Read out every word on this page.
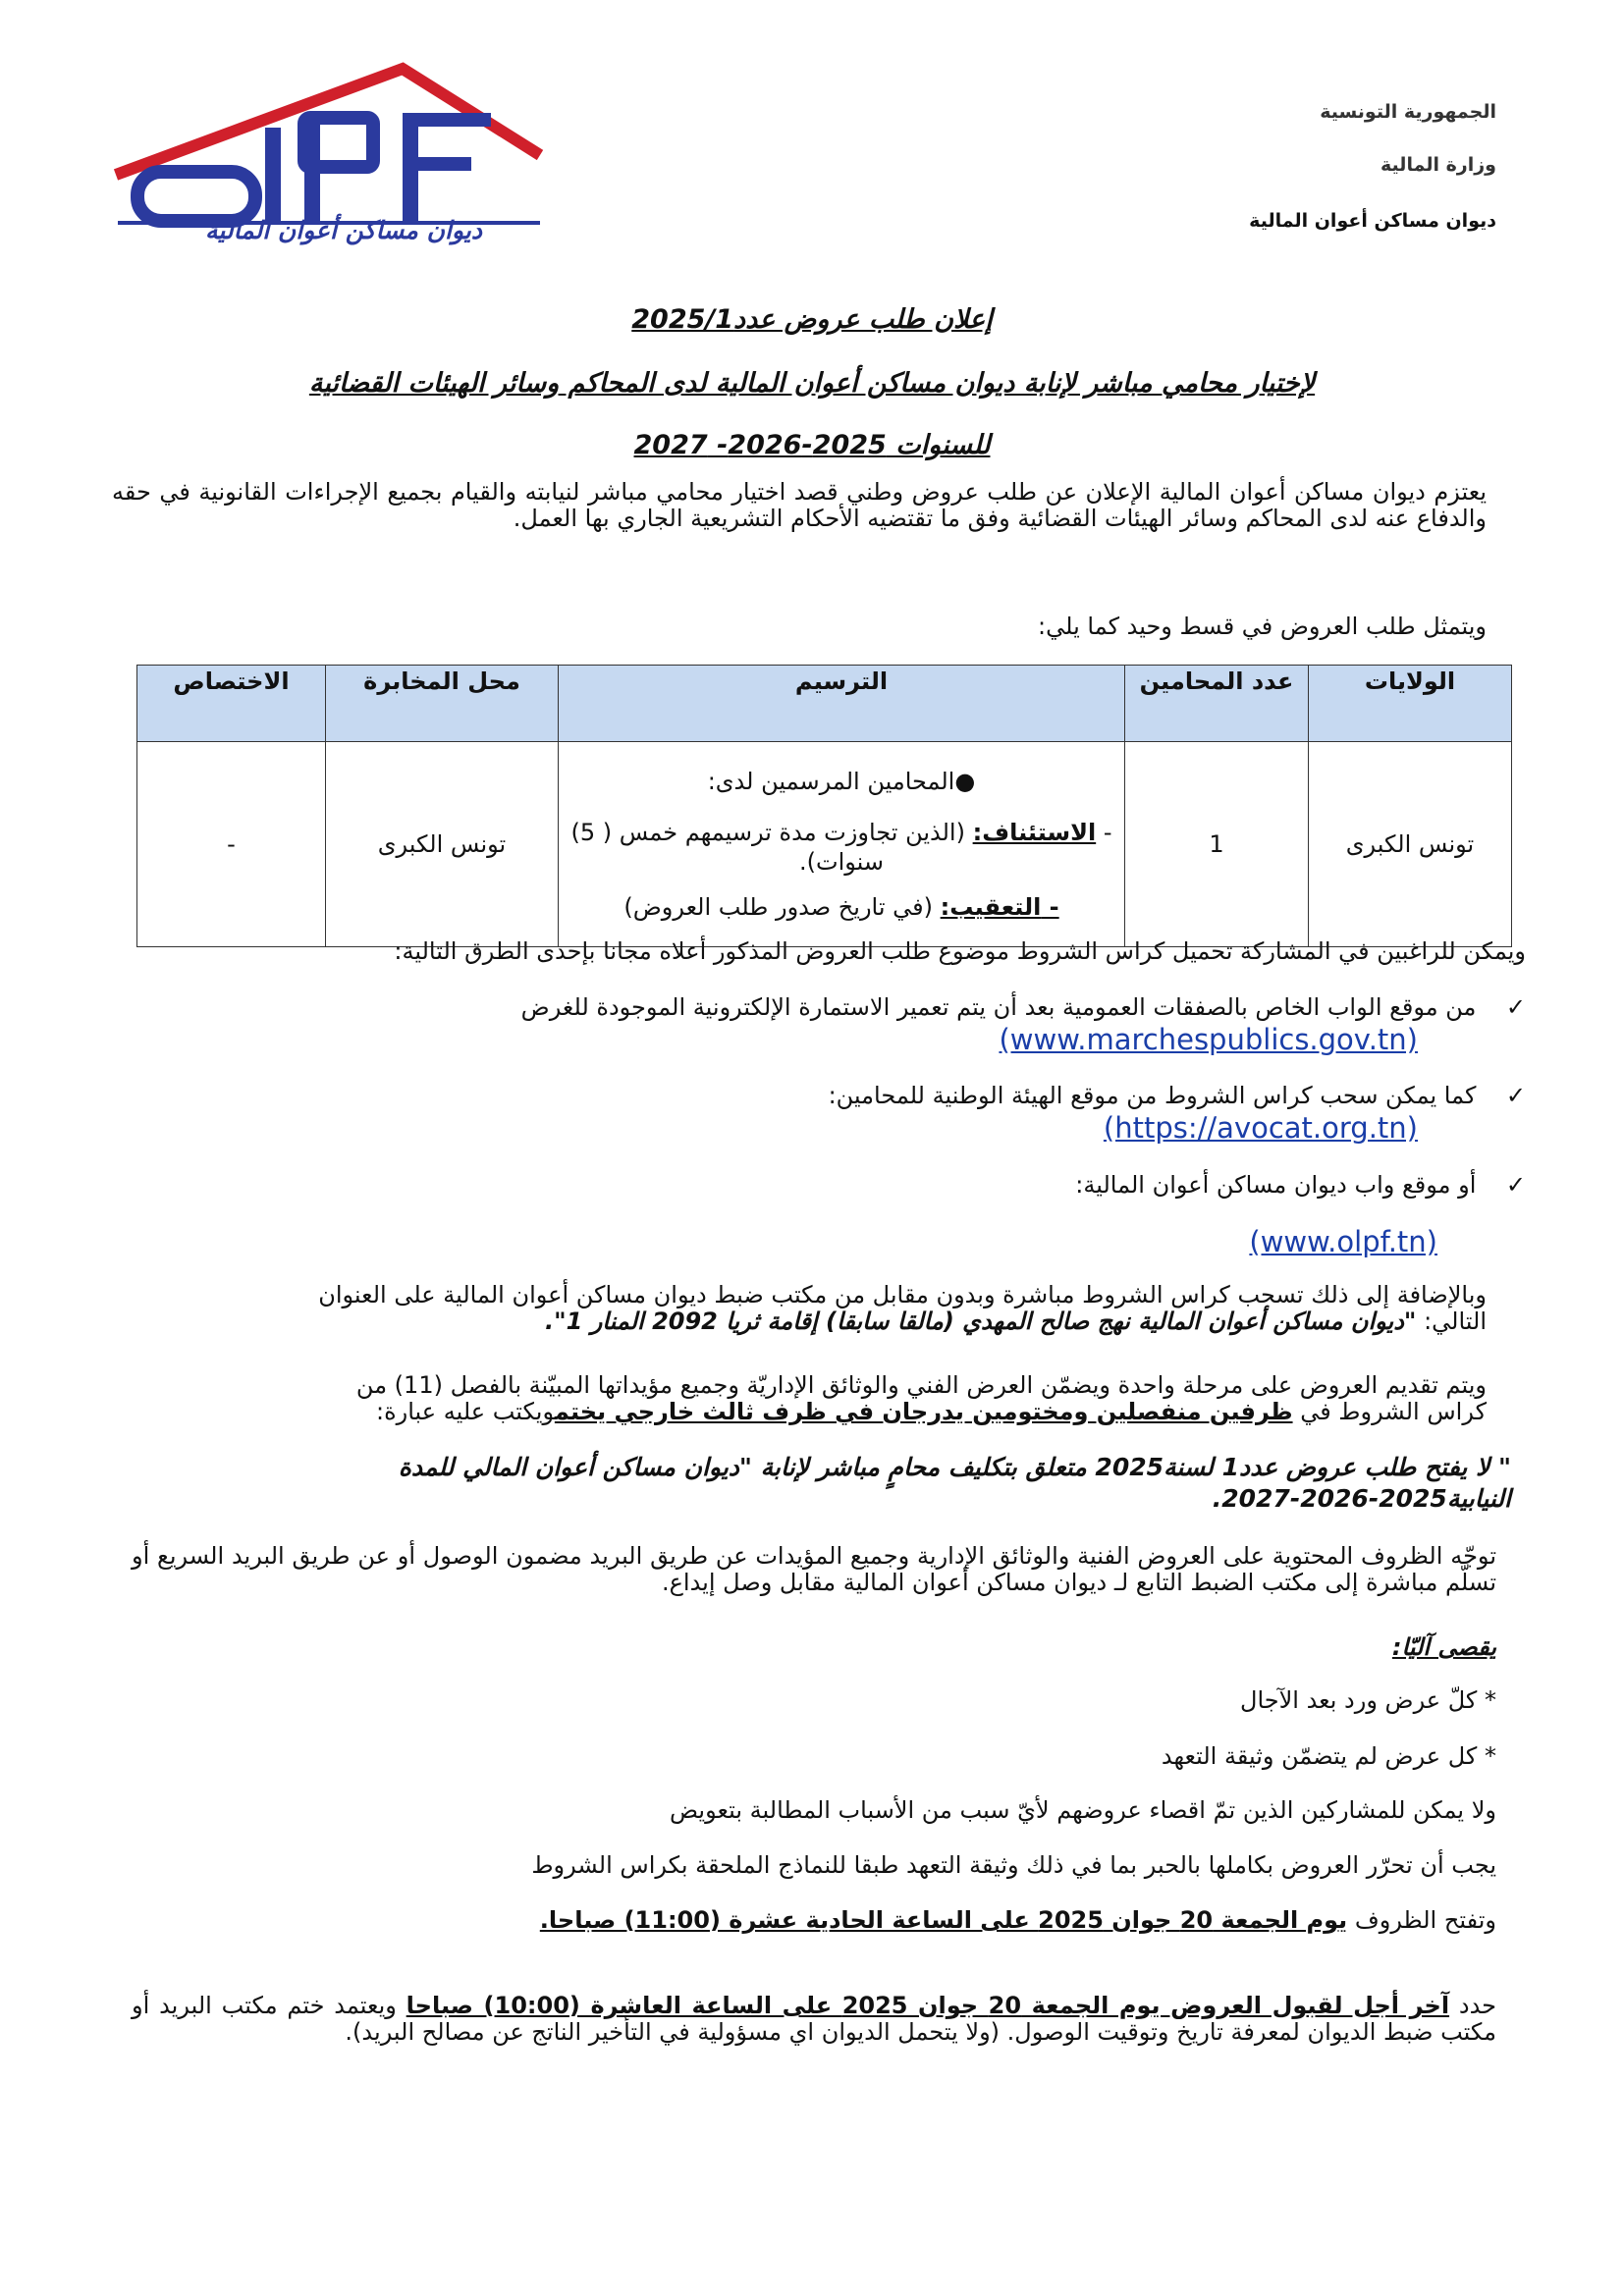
ديوان مساكن أعوان المالية
الجمهورية التونسية
وزارة المالية
ديوان مساكن أعوان المالية
إعلان طلب عروض عدد2025/1
لإختيار محامي مباشر لإنابة ديوان مساكن أعوان المالية لدى المحاكم وسائر الهيئات القضائية
للسنوات 2025-2026- 2027
يعتزم ديوان مساكن أعوان المالية الإعلان عن طلب عروض وطني قصد اختيار محامي مباشر لنيابته والقيام بجميع الإجراءات القانونية في حقه والدفاع عنه لدى المحاكم وسائر الهيئات القضائية وفق ما تقتضيه الأحكام التشريعية الجاري بها العمل.
ويتمثل طلب العروض في قسط وحيد كما يلي:
الولايات	عدد المحامين	الترسيم	محل المخابرة	الاختصاص
تونس الكبرى	1	●المحامين المرسمين لدى:
- الاستئناف: (الذين تجاوزت مدة ترسيمهم خمس ( 5) سنوات).
- التعقيب: (في تاريخ صدور طلب العروض)	تونس الكبرى	-
ويمكن للراغبين في المشاركة تحميل كراس الشروط موضوع طلب العروض المذكور أعلاه مجانا بإحدى الطرق التالية:
✓    من موقع الواب الخاص بالصفقات العمومية بعد أن يتم تعمير الاستمارة الإلكترونية الموجودة للغرض
(www.marchespublics.gov.tn)
✓    كما يمكن سحب كراس الشروط من موقع الهيئة الوطنية للمحامين:
(https://avocat.org.tn)
✓    أو موقع واب ديوان مساكن أعوان المالية:
(www.olpf.tn)
وبالإضافة إلى ذلك تسحب كراس الشروط مباشرة وبدون مقابل من مكتب ضبط ديوان مساكن أعوان المالية على العنوان
التالي: "ديوان مساكن أعوان المالية نهج صالح المهدي (مالقا سابقا) إقامة ثريا 2092 المنار 1".
ويتم تقديم العروض على مرحلة واحدة ويضمّن العرض الفني والوثائق الإداريّة وجميع مؤيداتها المبيّنة بالفصل (11) من
كراس الشروط في ظرفين منفصلين ومختومين يدرجان في ظرف ثالث خارجي يختمويكتب عليه عبارة:
" لا يفتح طلب عروض عدد1 لسنة2025 متعلق بتكليف محامٍ مباشر لإنابة "ديوان مساكن أعوان المالي للمدة
النيابية2025-2026-2027.
توجّه الظروف المحتوية على العروض الفنية والوثائق الإدارية وجميع المؤيدات عن طريق البريد مضمون الوصول أو عن طريق البريد السريع أو تسلّم مباشرة إلى مكتب الضبط التابع لـ ديوان مساكن أعوان المالية مقابل وصل إيداع.
يقصى آليّا:
* كلّ عرض ورد بعد الآجال
* كل عرض لم يتضمّن وثيقة التعهد
ولا يمكن للمشاركين الذين تمّ اقصاء عروضهم لأيّ سبب من الأسباب المطالبة بتعويض
يجب أن تحرّر العروض بكاملها بالحبر بما في ذلك وثيقة التعهد طبقا للنماذج الملحقة بكراس الشروط
وتفتح الظروف يوم الجمعة 20 جوان 2025 على الساعة الحادية عشرة (11:00) صباحا.
حدد آخر أجل لقبول العروض يوم الجمعة 20 جوان 2025 على الساعة العاشرة (10:00) صباحا ويعتمد ختم مكتب البريد أو مكتب ضبط الديوان لمعرفة تاريخ وتوقيت الوصول. (ولا يتحمل الديوان اي مسؤولية في التأخير الناتج عن مصالح البريد).
